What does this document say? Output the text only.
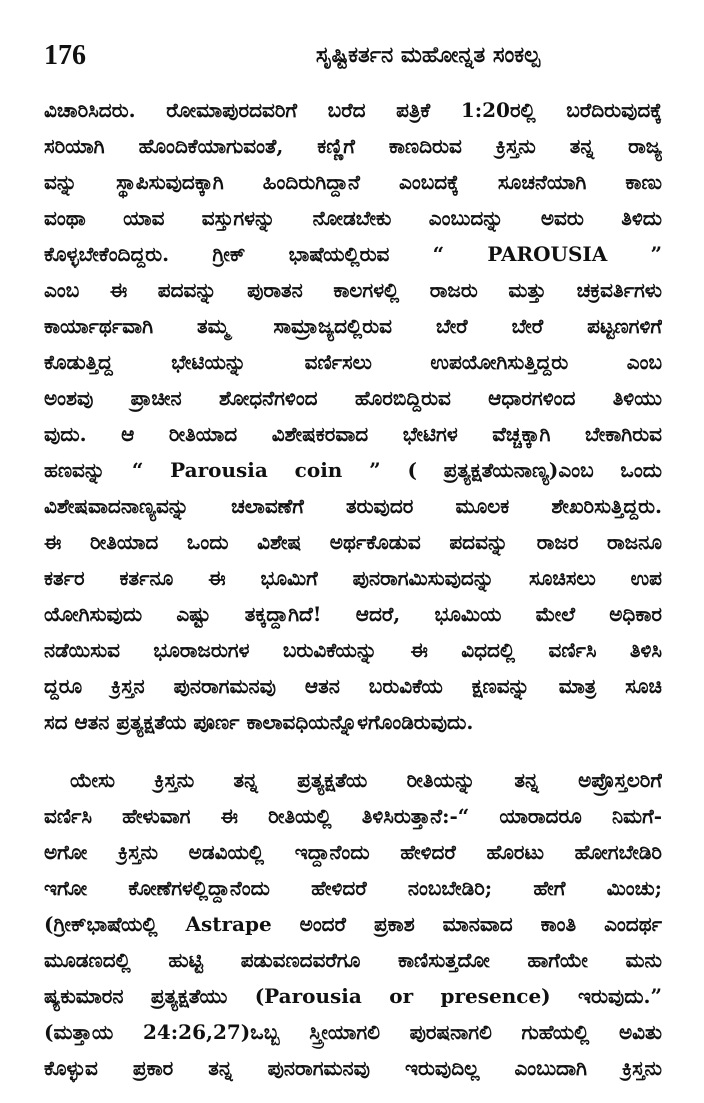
176	ಸೃಷ್ಟಿಕರ್ತನ ಮಹೋನ್ನತ ಸಂಕಲ್ಪ

ವಿಚಾರಿಸಿದರು. ರೋಮಾಪುರದವರಿಗೆ ಬರೆದ ಪತ್ರಿಕೆ 1:20ರಲ್ಲಿ ಬರೆದಿರುವುದಕ್ಕೆ

ಸರಿಯಾಗಿ ಹೊಂದಿಕೆಯಾಗುವಂತೆ, ಕಣ್ಣಿಗೆ ಕಾಣದಿರುವ ಕ್ರಿಸ್ತನು ತನ್ನ ರಾಜ್ಯ

ವನ್ನು ಸ್ಥಾಪಿಸುವುದಕ್ಕಾಗಿ ಹಿಂದಿರುಗಿದ್ದಾನೆ ಎಂಬದಕ್ಕೆ ಸೂಚನೆಯಾಗಿ ಕಾಣು

ವಂಥಾ ಯಾವ ವಸ್ತುಗಳನ್ನು ನೋಡಬೇಕು ಎಂಬುದನ್ನು ಅವರು ತಿಳಿದು

ಕೊಳ್ಳಬೇಕೆಂದಿದ್ದರು. ಗ್ರೀಕ್ ಭಾಷೆಯಲ್ಲಿರುವ “ PAROUSIA ”

ಎಂಬ ಈ ಪದವನ್ನು ಪುರಾತನ ಕಾಲಗಳಲ್ಲಿ ರಾಜರು ಮತ್ತು ಚಕ್ರವರ್ತಿಗಳು

ಕಾರ್ಯಾರ್ಥವಾಗಿ ತಮ್ಮ ಸಾಮ್ರಾಜ್ಯದಲ್ಲಿರುವ ಬೇರೆ ಬೇರೆ ಪಟ್ಟಣಗಳಿಗೆ

ಕೊಡುತ್ತಿದ್ದ ಭೇಟಿಯನ್ನು ವರ್ಣಿಸಲು ಉಪಯೋಗಿಸುತ್ತಿದ್ದರು ಎಂಬ

ಅಂಶವು ಪ್ರಾಚೀನ ಶೋಧನೆಗಳಿಂದ ಹೊರಬಿದ್ದಿರುವ ಆಧಾರಗಳಿಂದ ತಿಳಿಯು

ವುದು. ಆ ರೀತಿಯಾದ ವಿಶೇಷಕರವಾದ ಭೇಟಿಗಳ ವೆಚ್ಚಕ್ಕಾಗಿ ಬೇಕಾಗಿರುವ

ಹಣವನ್ನು “ Parousia coin ” ( ಪ್ರತ್ಯಕ್ಷತೆಯನಾಣ್ಯ)ಎಂಬ ಒಂದು

ವಿಶೇಷವಾದನಾಣ್ಯವನ್ನು ಚಲಾವಣೆಗೆ ತರುವುದರ ಮೂಲಕ ಶೇಖರಿಸುತ್ತಿದ್ದರು.

ಈ ರೀತಿಯಾದ ಒಂದು ವಿಶೇಷ ಅರ್ಥಕೊಡುವ ಪದವನ್ನು ರಾಜರ ರಾಜನೂ

ಕರ್ತರ ಕರ್ತನೂ ಈ ಭೂಮಿಗೆ ಪುನರಾಗಮಿಸುವುದನ್ನು ಸೂಚಿಸಲು ಉಪ

ಯೋಗಿಸುವುದು ಎಷ್ಟು ತಕ್ಕದ್ದಾಗಿದೆ! ಆದರೆ, ಭೂಮಿಯ ಮೇಲೆ ಅಧಿಕಾರ

ನಡೆಯಿಸುವ ಭೂರಾಜರುಗಳ ಬರುವಿಕೆಯನ್ನು ಈ ವಿಧದಲ್ಲಿ ವರ್ಣಿಸಿ ತಿಳಿಸಿ

ದ್ದರೂ ಕ್ರಿಸ್ತನ ಪುನರಾಗಮನವು ಆತನ ಬರುವಿಕೆಯ ಕ್ಷಣವನ್ನು ಮಾತ್ರ ಸೂಚಿ

ಸದ ಆತನ ಪ್ರತ್ಯಕ್ಷತೆಯ ಪೂರ್ಣ ಕಾಲಾವಧಿಯನ್ನೊಳಗೊಂಡಿರುವುದು.

ಯೇಸು ಕ್ರಿಸ್ತನು ತನ್ನ ಪ್ರತ್ಯಕ್ಷತೆಯ ರೀತಿಯನ್ನು ತನ್ನ ಅಪ್ರೊಸ್ತಲರಿಗೆ

ವರ್ಣಿಸಿ ಹೇಳುವಾಗ ಈ ರೀತಿಯಲ್ಲಿ ತಿಳಿಸಿರುತ್ತಾನೆ:-“ ಯಾರಾದರೂ ನಿಮಗೆ-

ಅಗೋ ಕ್ರಿಸ್ತನು ಅಡವಿಯಲ್ಲಿ ಇದ್ದಾನೆಂದು ಹೇಳಿದರೆ ಹೊರಟು ಹೋಗಬೇಡಿರಿ

ಇಗೋ ಕೋಣೆಗಳಲ್ಲಿದ್ದಾನೆಂದು ಹೇಳಿದರೆ ನಂಬಬೇಡಿರಿ; ಹೇಗೆ ಮಿಂಚು;

(ಗ್ರೀಕ್‌ಭಾಷೆಯಲ್ಲಿ Astrape ಅಂದರೆ ಪ್ರಕಾಶ ಮಾನವಾದ ಕಾಂತಿ ಎಂದರ್ಥ

ಮೂಡಣದಲ್ಲಿ ಹುಟ್ಟಿ ಪಡುವಣದವರೆಗೂ ಕಾಣಿಸುತ್ತದೋ ಹಾಗೆಯೇ ಮನು

ಷ್ಯಕುಮಾರನ ಪ್ರತ್ಯಕ್ಷತೆಯು (Parousia or presence) ಇರುವುದು.”

(ಮತ್ತಾಯ 24:26,27)ಒಬ್ಬ ಸ್ತ್ರೀಯಾಗಲಿ ಪುರಷನಾಗಲಿ ಗುಹೆಯಲ್ಲಿ ಅವಿತು

ಕೊಳ್ಳುವ ಪ್ರಕಾರ ತನ್ನ ಪುನರಾಗಮನವು ಇರುವುದಿಲ್ಲ ಎಂಬುದಾಗಿ ಕ್ರಿಸ್ತನು
